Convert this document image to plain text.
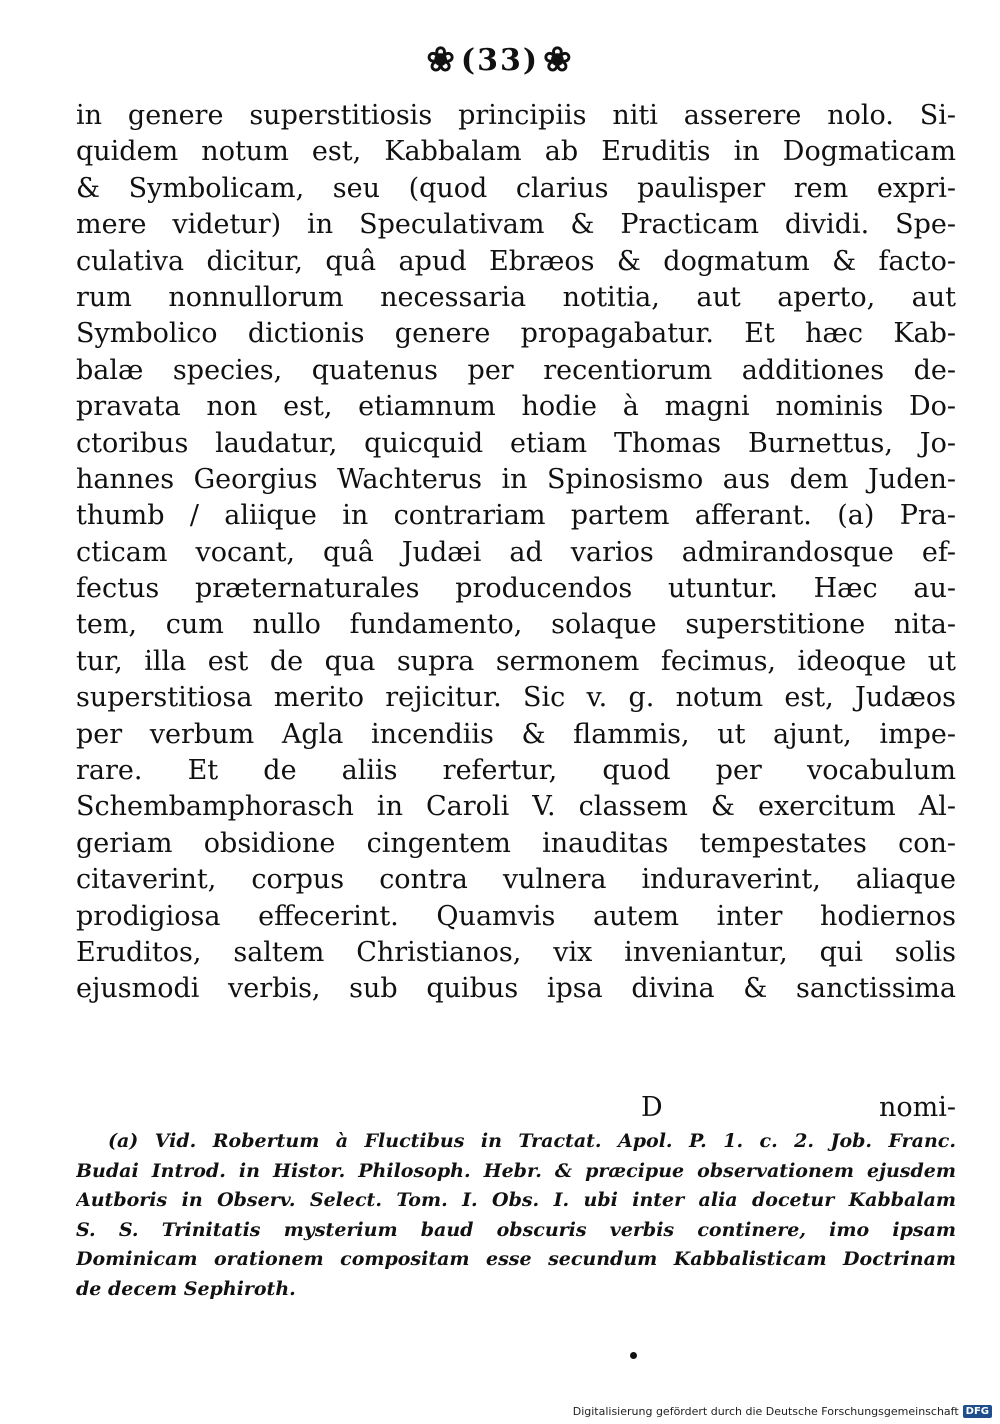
❀ (33) ❀
in genere superstitiosis principiis niti asserere nolo. Si-
quidem notum est, Kabbalam ab Eruditis in Dogmaticam
& Symbolicam, seu (quod clarius paulisper rem expri-
mere videtur) in Speculativam & Practicam dividi. Spe-
culativa dicitur, quâ apud Ebræos & dogmatum & facto-
rum nonnullorum necessaria notitia, aut aperto, aut
Symbolico dictionis genere propagabatur. Et hæc Kab-
balæ species, quatenus per recentiorum additiones de-
pravata non est, etiamnum hodie à magni nominis Do-
ctoribus laudatur, quicquid etiam Thomas Burnettus, Jo-
hannes Georgius Wachterus in Spinosismo aus dem Juden-
thumb / aliique in contrariam partem afferant. (a) Pra-
cticam vocant, quâ Judæi ad varios admirandosque ef-
fectus præternaturales producendos utuntur. Hæc au-
tem, cum nullo fundamento, solaque superstitione nita-
tur, illa est de qua supra sermonem fecimus, ideoque ut
superstitiosa merito rejicitur. Sic v. g. notum est, Judæos
per verbum Agla incendiis & flammis, ut ajunt, impe-
rare. Et de aliis refertur, quod per vocabulum
Schembamphorasch in Caroli V. classem & exercitum Al-
geriam obsidione cingentem inauditas tempestates con-
citaverint, corpus contra vulnera induraverint, aliaque
prodigiosa effecerint. Quamvis autem inter hodiernos
Eruditos, saltem Christianos, vix inveniantur, qui solis
ejusmodi verbis, sub quibus ipsa divina & sanctissima
D	nomi-
(a) Vid. Robertum à Fluctibus in Tractat. Apol. P. 1. c. 2. Job. Franc.
Budai Introd. in Histor. Philosoph. Hebr. & præcipue observationem ejusdem
Autboris in Observ. Select. Tom. I. Obs. I. ubi inter alia docetur Kabbalam
S. S. Trinitatis mysterium baud obscuris verbis continere, imo ipsam
Dominicam orationem compositam esse secundum Kabbalisticam Doctrinam
de decem Sephiroth.
Digitalisierung gefördert durch die Deutsche Forschungsgemeinschaft DFG
